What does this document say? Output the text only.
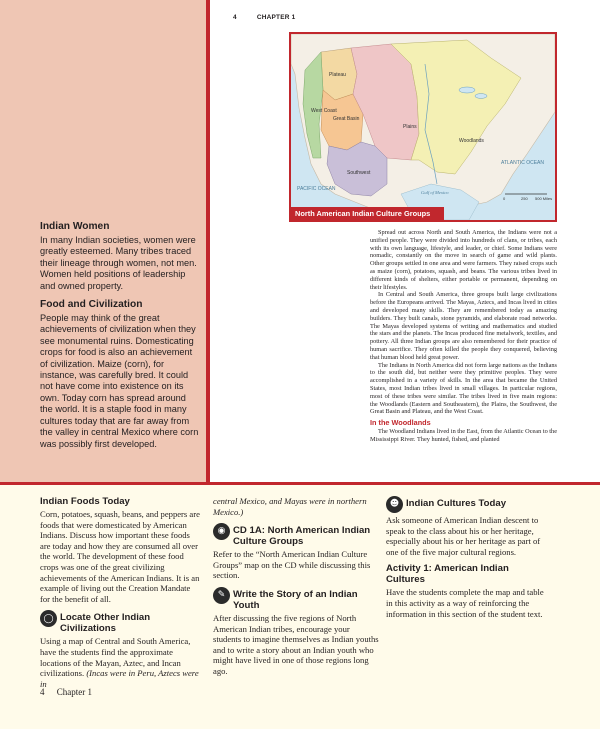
Indian Women

In many Indian societies, women were greatly esteemed. Many tribes traced their lineage through women, not men. Women held positions of leadership and owned property.

Food and Civilization

People may think of the great achievements of civilization when they see monumental ruins. Domesticating crops for food is also an achievement of civilization. Maize (corn), for instance, was carefully bred. It could not have come into existence on its own. Today corn has spread around the world. It is a staple food in many cultures today that are far away from the valley in central Mexico where corn was possibly first developed.

4	CHAPTER 1
Plateau
West Coast
Great Basin
Plains
Woodlands
Southwest
PACIFIC OCEAN
ATLANTIC OCEAN
Gulf of Mexico
0	250 500 Miles
North American Indian Culture Groups

Spread out across North and South America, the Indians were not a unified people. They were divided into hundreds of clans, or tribes, each with its own language, lifestyle, and leader, or chief. Some Indians were nomadic, constantly on the move in search of game and wild plants. Other groups settled in one area and were farmers. They raised crops such as maize (corn), potatoes, squash, and beans. The various tribes lived in different kinds of shelters, either portable or permanent, depending on their lifestyles.

In Central and South America, three groups built large civilizations before the Europeans arrived. The Mayas, Aztecs, and Incas lived in cities and developed many skills. They are remembered today as amazing builders. They built canals, stone pyramids, and elaborate road networks. The Mayas developed systems of writing and mathematics and studied the stars and the planets. The Incas produced fine metalwork, textiles, and pottery. All three Indian groups are also remembered for their practice of human sacrifice. They often killed the people they conquered, believing that human blood held great power.

The Indians in North America did not form large nations as the Indians to the south did, but neither were they primitive peoples. They were accomplished in a variety of skills. In the area that became the United States, most Indian tribes lived in small villages. In particular regions, most of these tribes were similar. The tribes lived in five main regions: the Woodlands (Eastern and Southeastern), the Plains, the Southwest, the Great Basin and Plateau, and the West Coast.

In the Woodlands

The Woodland Indians lived in the East, from the Atlantic Ocean to the Mississippi River. They hunted, fished, and planted

Indian Foods Today

Corn, potatoes, squash, beans, and peppers are foods that were domesticated by American Indians. Discuss how important these foods are today and how they are consumed all over the world. The development of these food crops was one of the great civilizing achievements of the American Indians. It is an example of living out the Creation Mandate for the benefit of all.

◯ Locate Other Indian Civilizations

Using a map of Central and South America, have the students find the approximate locations of the Mayan, Aztec, and Incan civilizations. (Incas were in Peru, Aztecs were in

central Mexico, and Mayas were in northern Mexico.)

◉ CD 1A: North American Indian Culture Groups

Refer to the “North American Indian Culture Groups” map on the CD while discussing this section.

✎ Write the Story of an Indian Youth

After discussing the five regions of North American Indian tribes, encourage your students to imagine themselves as Indian youths and to write a story about an Indian youth who might have lived in one of those regions long ago.

☻ Indian Cultures Today

Ask someone of American Indian descent to speak to the class about his or her heritage, especially about his or her heritage as part of one of the five major cultural regions.

Activity 1: American Indian Cultures

Have the students complete the map and table in this activity as a way of reinforcing the information in this section of the student text.

4 Chapter 1
